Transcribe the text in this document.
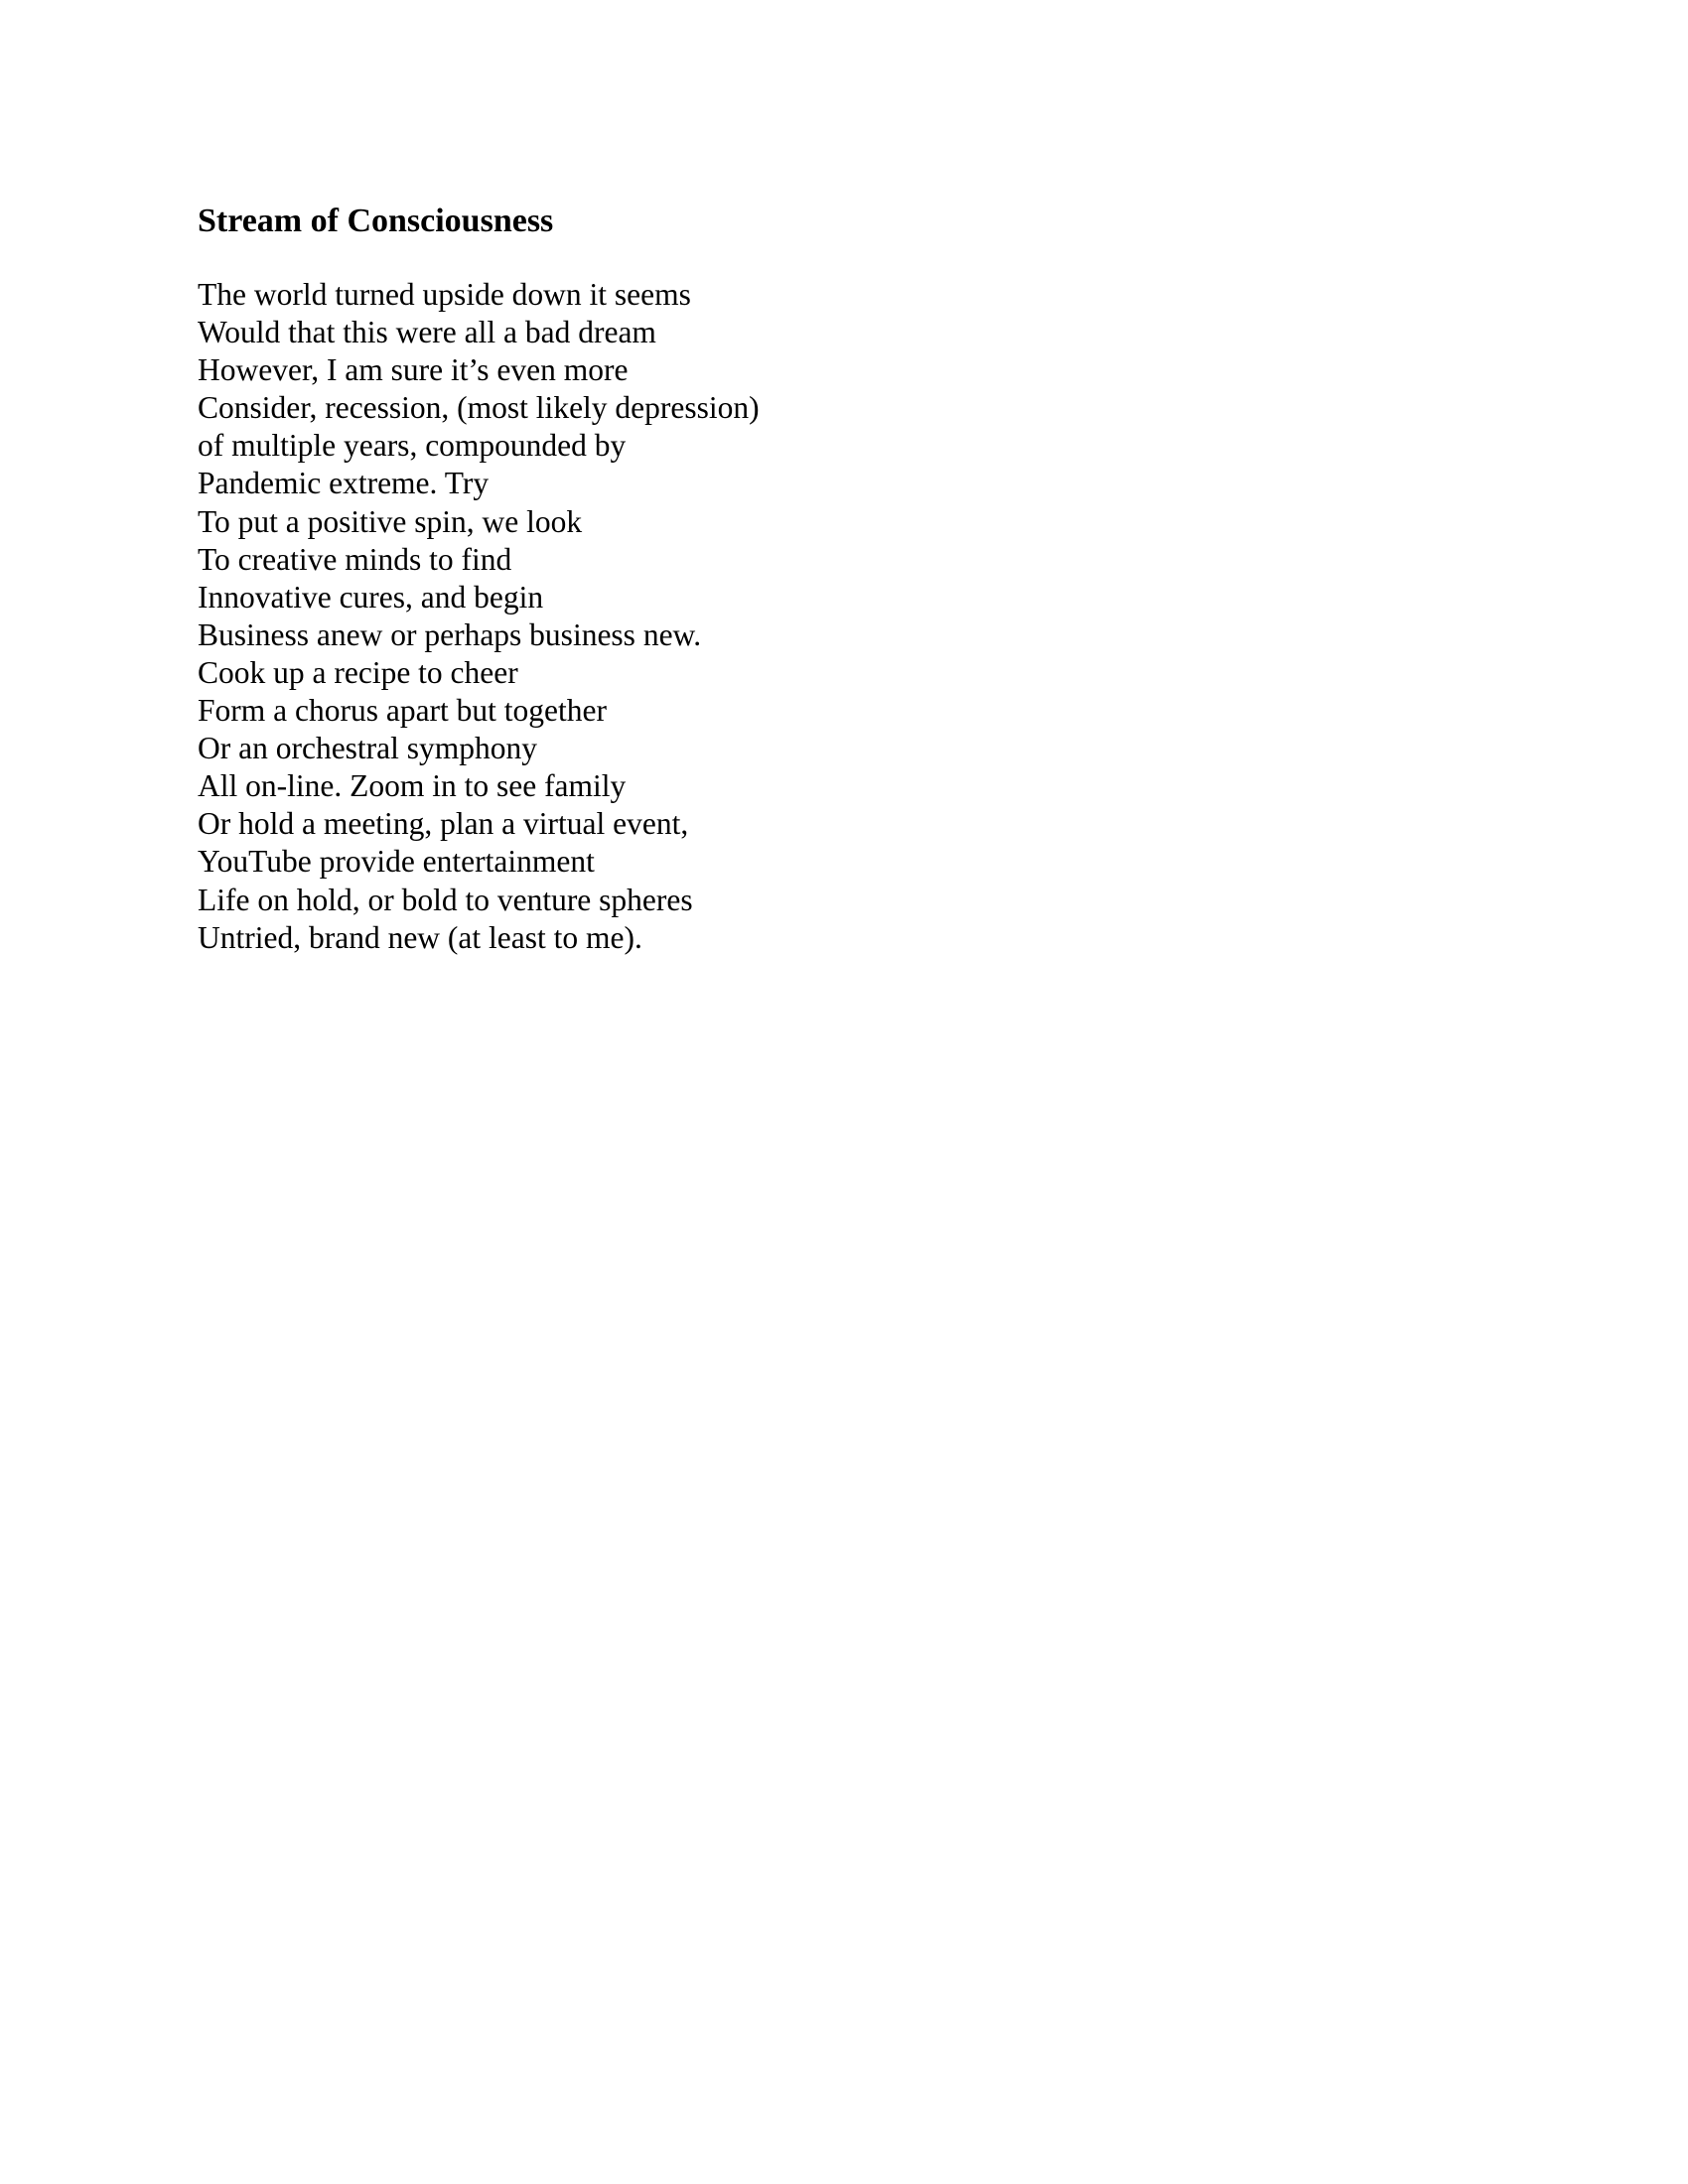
Stream of Consciousness
The world turned upside down it seems
Would that this were all a bad dream
However, I am sure it’s even more
Consider, recession, (most likely depression)
of multiple years, compounded by
Pandemic extreme. Try
To put a positive spin, we look
To creative minds to find
Innovative cures, and begin
Business anew or perhaps business new.
Cook up a recipe to cheer
Form a chorus apart but together
Or an orchestral symphony
All on-line. Zoom in to see family
Or hold a meeting, plan a virtual event,
YouTube provide entertainment
Life on hold, or bold to venture spheres
Untried, brand new (at least to me).
